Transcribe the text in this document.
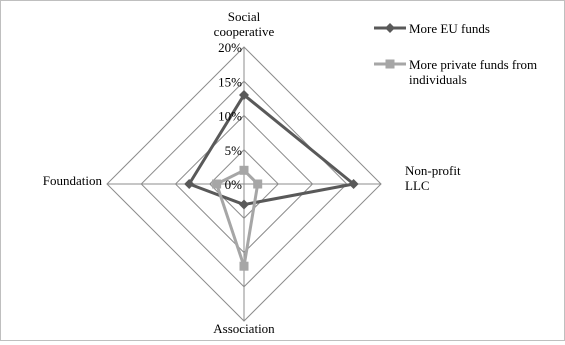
0%
5%
10%
15%
20%
Social cooperative
Non-profit LLC
Association
Foundation
More EU funds
More private funds from individuals
